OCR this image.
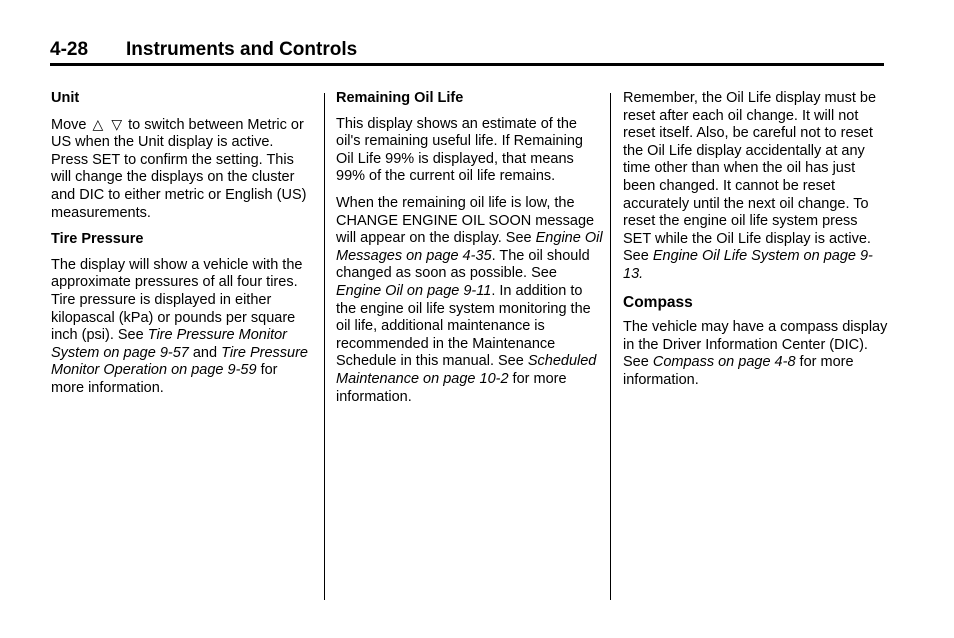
4-28 Instruments and Controls

Unit

Move △ ▽ to switch between Metric or US when the Unit display is active. Press SET to confirm the setting. This will change the displays on the cluster and DIC to either metric or English (US) measurements.

Tire Pressure

The display will show a vehicle with the approximate pressures of all four tires. Tire pressure is displayed in either kilopascal (kPa) or pounds per square inch (psi). See Tire Pressure Monitor System on page 9-57 and Tire Pressure Monitor Operation on page 9-59 for more information.

Remaining Oil Life

This display shows an estimate of the oil's remaining useful life. If Remaining Oil Life 99% is displayed, that means 99% of the current oil life remains.

When the remaining oil life is low, the CHANGE ENGINE OIL SOON message will appear on the display. See Engine Oil Messages on page 4-35. The oil should changed as soon as possible. See Engine Oil on page 9-11. In addition to the engine oil life system monitoring the oil life, additional maintenance is recommended in the Maintenance Schedule in this manual. See Scheduled Maintenance on page 10-2 for more information.

Remember, the Oil Life display must be reset after each oil change. It will not reset itself. Also, be careful not to reset the Oil Life display accidentally at any time other than when the oil has just been changed. It cannot be reset accurately until the next oil change. To reset the engine oil life system press SET while the Oil Life display is active. See Engine Oil Life System on page 9-13.

Compass

The vehicle may have a compass display in the Driver Information Center (DIC). See Compass on page 4-8 for more information.
